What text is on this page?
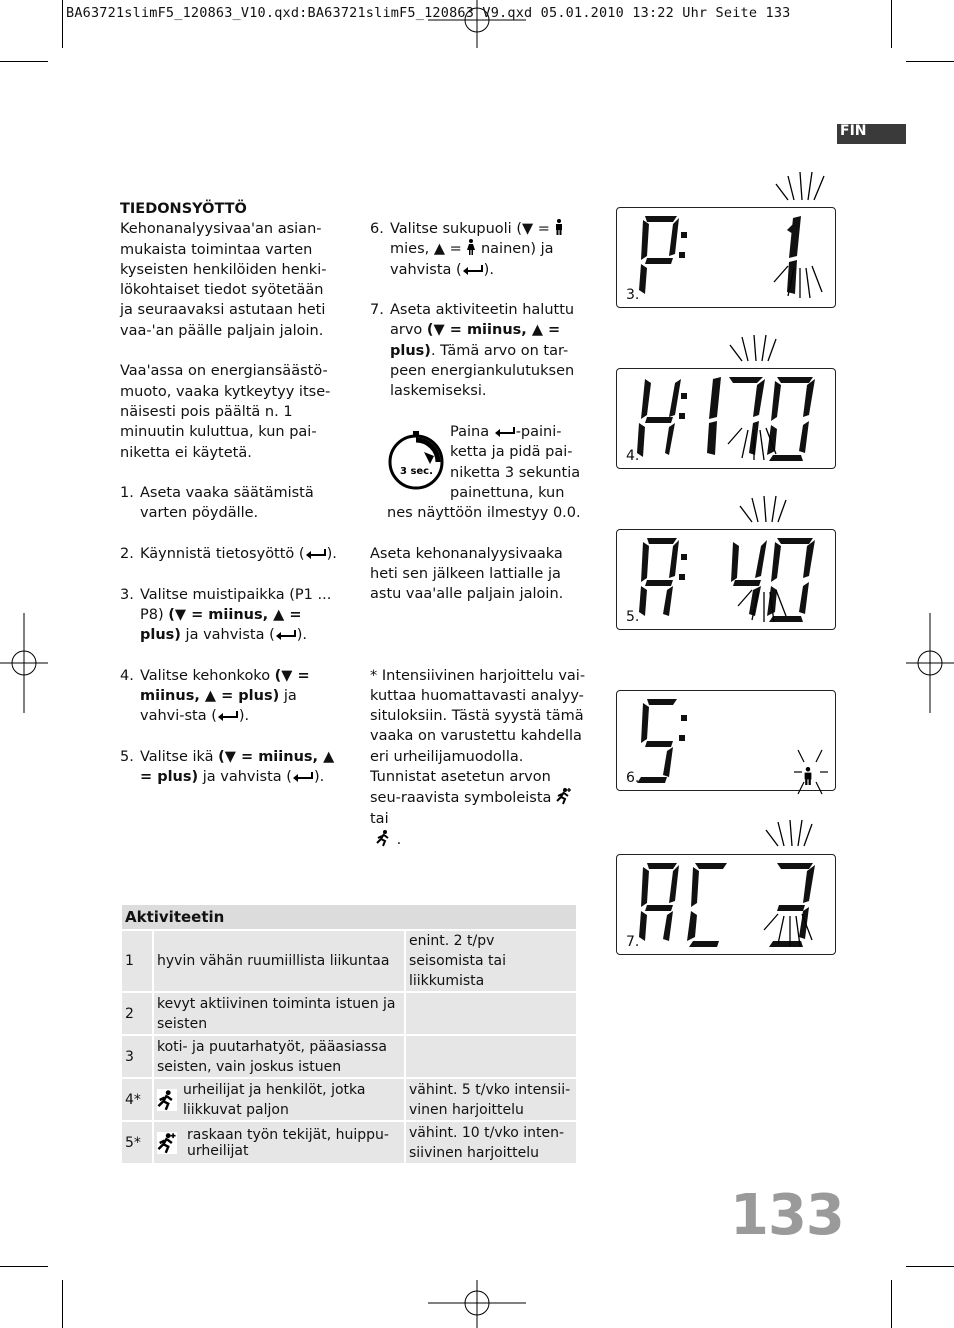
BA63721slimF5_120863_V10.qxd:BA63721slimF5_120863_V9.qxd 05.01.2010 13:22 Uhr Seite 133
FIN

TIEDONSYÖTTÖ

Kehonanalyysivaa'an asian-mukaista toimintaa varten kyseisten henkilöiden henki-lökohtaiset tiedot syötetään ja seuraavaksi astutaan heti vaa-'an päälle paljain jaloin.

Vaa'assa on energiansäästö-muoto, vaaka kytkeytyy itse-näisesti pois päältä n. 1 minuutin kuluttua, kun pai-niketta ei käytetä.

1. Aseta vaaka säätämistä varten pöydälle.
2. Käynnistä tietosyöttö ( ).
3. Valitse muistipaikka (P1 ... P8) (▼ = miinus, ▲ = plus) ja vahvista ( ).
4. Valitse kehonkoko (▼ = miinus, ▲ = plus) ja vahvi-sta ( ).
5. Valitse ikä (▼ = miinus, ▲ = plus) ja vahvista ( ).
6. Valitse sukupuoli (▼ =  mies, ▲ = nainen) ja vahvista ( ).
7. Aseta aktiviteetin haluttu arvo (▼ = miinus, ▲ = plus). Tämä arvo on tar-peen energiankulutuksen laskemiseksi.

Paina -paini-ketta ja pidä pai-niketta 3 sekuntia painettuna, kun

nes näyttöön ilmestyy 0.0.

Aseta kehonanalyysivaaka heti sen jälkeen lattialle ja astu vaa'alle paljain jaloin.

* Intensiivinen harjoittelu vai-kuttaa huomattavasti analyy-situloksiin. Tästä syystä tämä vaaka on varustettu kahdella eri urheilijamuodolla. Tunnistat asetetun arvon seu-raavista symboleista  tai
.

3 sec.
3.
4.
5.
6.
7.
Aktiviteetin		
1	hyvin vähän ruumiillista liikuntaa	enint. 2 t/pv seisomista tai liikkumista
2	kevyt aktiivinen toiminta istuen ja seisten	
3	koti- ja puutarhatyöt, pääasiassa seisten, vain joskus istuen	
4*	urheilijat ja henkilöt, jotka liikkuvat paljon	vähint. 5 t/vko intensii-vinen harjoittelu
5*	raskaan työn tekijät, huippu-urheilijat	vähint. 10 t/vko inten-siivinen harjoittelu
133
